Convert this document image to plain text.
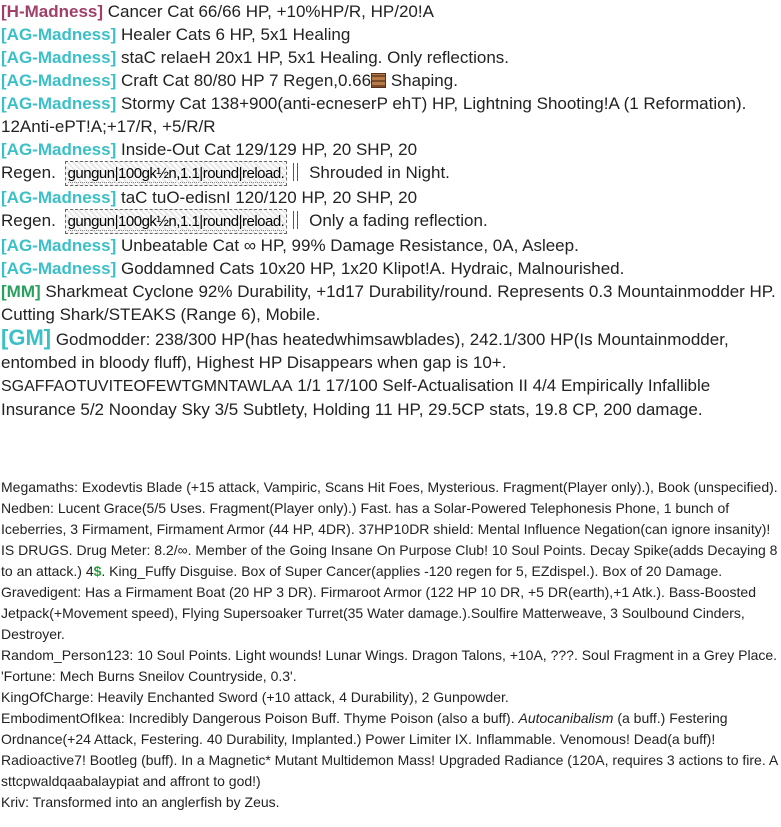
[H-Madness] Cancer Cat 66/66 HP, +10%HP/R, HP/20!A

[AG-Madness] Healer Cats 6 HP, 5x1 Healing

[AG-Madness] staC relaeH 20x1 HP, 5x1 Healing. Only reflections.

[AG-Madness] Craft Cat 80/80 HP 7 Regen,0.66 Shaping.

[AG-Madness] Stormy Cat 138+900(anti-ecneserP ehT) HP, Lightning Shooting!A (1 Reformation). 12Anti-ePT!A;+17/R, +5/R/R

[AG-Madness] Inside-Out Cat 129/129 HP, 20 SHP, 20

Regen. gungun|100gk½n,1.1|round|reload. Shrouded in Night.

[AG-Madness] taC tuO-edisnI 120/120 HP, 20 SHP, 20

Regen. gungun|100gk½n,1.1|round|reload. Only a fading reflection.

[AG-Madness] Unbeatable Cat ∞ HP, 99% Damage Resistance, 0A, Asleep.

[AG-Madness] Goddamned Cats 10x20 HP, 1x20 Klipot!A. Hydraic, Malnourished.

[MM] Sharkmeat Cyclone 92% Durability, +1d17 Durability/round. Represents 0.3 Mountainmodder HP. Cutting Shark/STEAKS (Range 6), Mobile.

[GM] Godmodder: 238/300 HP(has heatedwhimsawblades), 242.1/300 HP(Is Mountainmodder, entombed in bloody fluff), Highest HP Disappears when gap is 10+. SGAFFAOTUVITEOFEWTGMNTAWLAA 1/1 17/100 Self-Actualisation II 4/4 Empirically Infallible Insurance 5/2 Noonday Sky 3/5 Subtlety, Holding 11 HP, 29.5CP stats, 19.8 CP, 200 damage.

Megamaths: Exodevtis Blade (+15 attack, Vampiric, Scans Hit Foes, Mysterious. Fragment(Player only).), Book (unspecified).

Nedben: Lucent Grace(5/5 Uses. Fragment(Player only).) Fast. has a Solar-Powered Telephonesis Phone, 1 bunch of Iceberries, 3 Firmament, Firmament Armor (44 HP, 4DR). 37HP10DR shield: Mental Influence Negation(can ignore insanity)! IS DRUGS. Drug Meter: 8.2/∞. Member of the Going Insane On Purpose Club! 10 Soul Points. Decay Spike(adds Decaying 8 to an attack.) 4$. King_Fuffy Disguise. Box of Super Cancer(applies -120 regen for 5, EZdispel.). Box of 20 Damage.

Gravedigent: Has a Firmament Boat (20 HP 3 DR). Firmaroot Armor (122 HP 10 DR, +5 DR(earth),+1 Atk.). Bass-Boosted Jetpack(+Movement speed), Flying Supersoaker Turret(35 Water damage.).Soulfire Matterweave, 3 Soulbound Cinders, Destroyer.

Random_Person123: 10 Soul Points. Light wounds! Lunar Wings. Dragon Talons, +10A, ???. Soul Fragment in a Grey Place. 'Fortune: Mech Burns Sneilov Countryside, 0.3'.

KingOfCharge: Heavily Enchanted Sword (+10 attack, 4 Durability), 2 Gunpowder.

EmbodimentOfIkea: Incredibly Dangerous Poison Buff. Thyme Poison (also a buff). Autocanibalism (a buff.) Festering Ordnance(+24 Attack, Festering. 40 Durability, Implanted.) Power Limiter IX. Inflammable. Venomous! Dead(a buff)! Radioactive7! Bootleg (buff). In a Magnetic* Mutant Multidemon Mass! Upgraded Radiance (120A, requires 3 actions to fire. A sttcpwaldqaabalaypiat and affront to god!)

Kriv: Transformed into an anglerfish by Zeus.
